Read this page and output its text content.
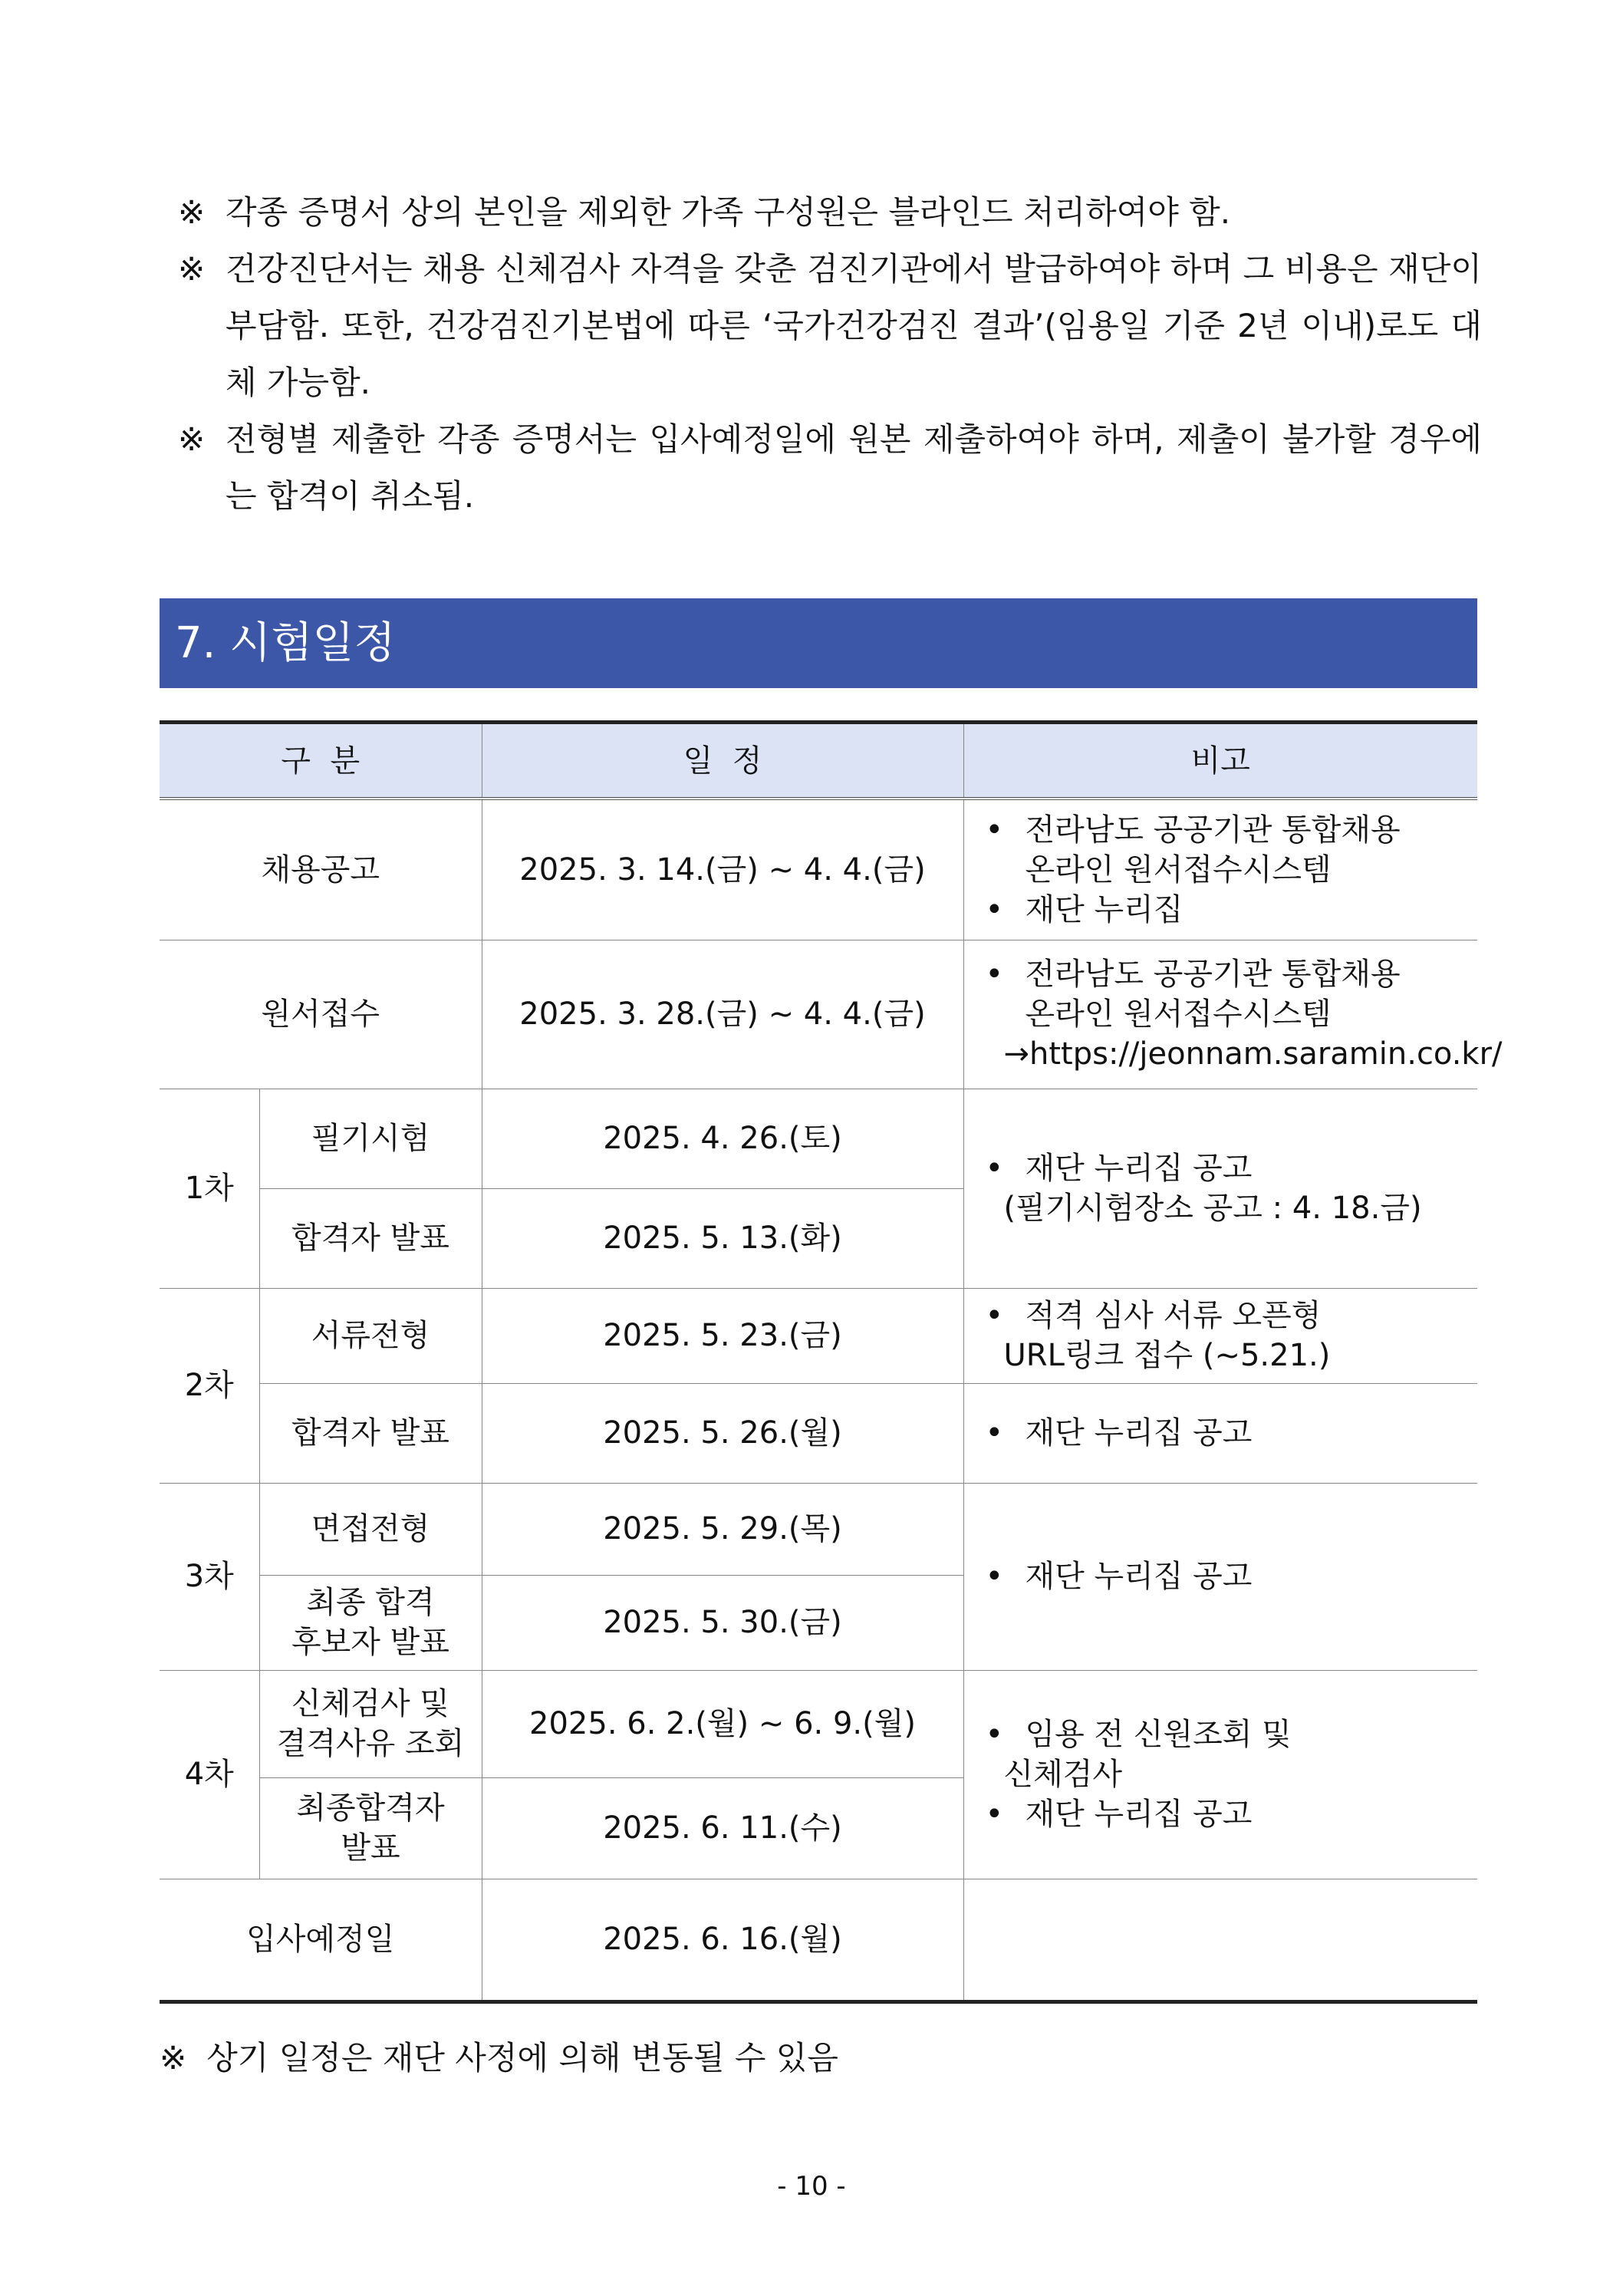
※ 각종 증명서 상의 본인을 제외한 가족 구성원은 블라인드 처리하여야 함.
※ 건강진단서는 채용 신체검사 자격을 갖춘 검진기관에서 발급하여야 하며 그 비용은 재단이 부담함. 또한, 건강검진기본법에 따른 ‘국가건강검진 결과’(임용일 기준 2년 이내)로도 대체 가능함.
※ 전형별 제출한 각종 증명서는 입사예정일에 원본 제출하여야 하며, 제출이 불가할 경우에는 합격이 취소됨.
7. 시험일정
구  분		일  정	비고
채용공고		2025. 3. 14.(금) ~ 4. 4.(금)	• 전라남도 공공기관 통합채용
온라인 원서접수시스템
• 재단 누리집

원서접수		2025. 3. 28.(금) ~ 4. 4.(금)	• 전라남도 공공기관 통합채용
온라인 원서접수시스템
→https://jeonnam.saramin.co.kr/

1차	필기시험	2025. 4. 26.(토)	• 재단 누리집 공고
(필기시험장소 공고 : 4. 18.금)

	합격자 발표	2025. 5. 13.(화)	
2차	서류전형	2025. 5. 23.(금)	• 적격 심사 서류 오픈형
URL링크 접수 (~5.21.)

	합격자 발표	2025. 5. 26.(월)	• 재단 누리집 공고

3차	면접전형	2025. 5. 29.(목)	• 재단 누리집 공고

	최종 합격
후보자 발표	2025. 5. 30.(금)	
4차	신체검사 및
결격사유 조회	2025. 6. 2.(월) ~ 6. 9.(월)	• 임용 전 신원조회 및
신체검사
• 재단 누리집 공고

	최종합격자
발표	2025. 6. 11.(수)	
입사예정일		2025. 6. 16.(월)	
※ 상기 일정은 재단 사정에 의해 변동될 수 있음
- 10 -
